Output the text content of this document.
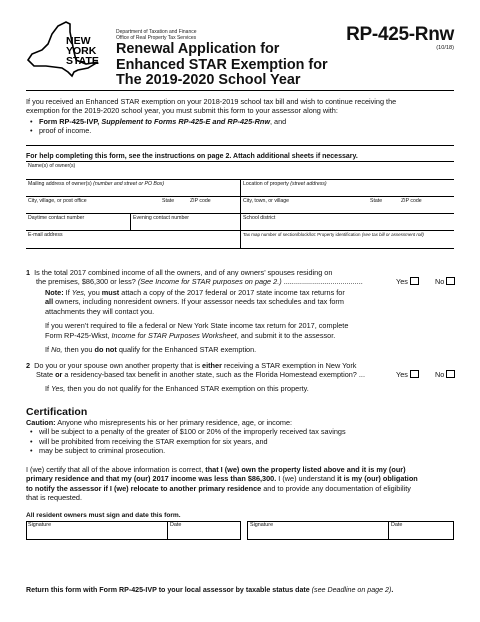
NEW
YORK
STATE
Department of Taxation and Finance
Office of Real Property Tax Services
Renewal Application for
Enhanced STAR Exemption for
The 2019-2020 School Year
RP-425-Rnw
(10/18)
If you received an Enhanced STAR exemption on your 2018-2019 school tax bill and wish to continue receiving the
exemption for the 2019-2020 school year, you must submit this form to your assessor along with:
• Form RP-425-IVP, Supplement to Forms RP-425-E and RP-425-Rnw, and
• proof of income.
For help completing this form, see the instructions on page 2. Attach additional sheets if necessary.
Name(s) of owner(s)
Mailing address of owner(s) (number and street or PO Box)	Location of property (street address)
City, village, or post office	State	ZIP code	City, town, or village	State	ZIP code
Daytime contact number	Evening contact number	School district
E-mail address	Tax map number of section/block/lot: Property identification (see tax bill or assessment roll)
1 Is the total 2017 combined income of all the owners, and of any owners’ spouses residing on
the premises, $86,300 or less? (See Income for STAR purposes on page 2.) .......................................	Yes	No
Note: If Yes, you must attach a copy of the 2017 federal or 2017 state income tax returns for
all owners, including nonresident owners. If your assessor needs tax schedules and tax form
attachments they will contact you.
If you weren’t required to file a federal or New York State income tax return for 2017, complete
Form RP-425-Wkst, Income for STAR Purposes Worksheet, and submit it to the assessor.
If No, then you do not qualify for the Enhanced STAR exemption.
2 Do you or your spouse own another property that is either receiving a STAR exemption in New York
State or a residency-based tax benefit in another state, such as the Florida Homestead exemption? ...	Yes	No
If Yes, then you do not qualify for the Enhanced STAR exemption on this property.
Certification
Caution: Anyone who misrepresents his or her primary residence, age, or income:
• will be subject to a penalty of the greater of $100 or 20% of the improperly received tax savings
• will be prohibited from receiving the STAR exemption for six years, and
• may be subject to criminal prosecution.
I (we) certify that all of the above information is correct, that I (we) own the property listed above and it is my (our)
primary residence and that my (our) 2017 income was less than $86,300. I (we) understand it is my (our) obligation
to notify the assessor if I (we) relocate to another primary residence and to provide any documentation of eligibility
that is requested.
All resident owners must sign and date this form.
Signature	Date	Signature	Date
Return this form with Form RP-425-IVP to your local assessor by taxable status date (see Deadline on page 2).
